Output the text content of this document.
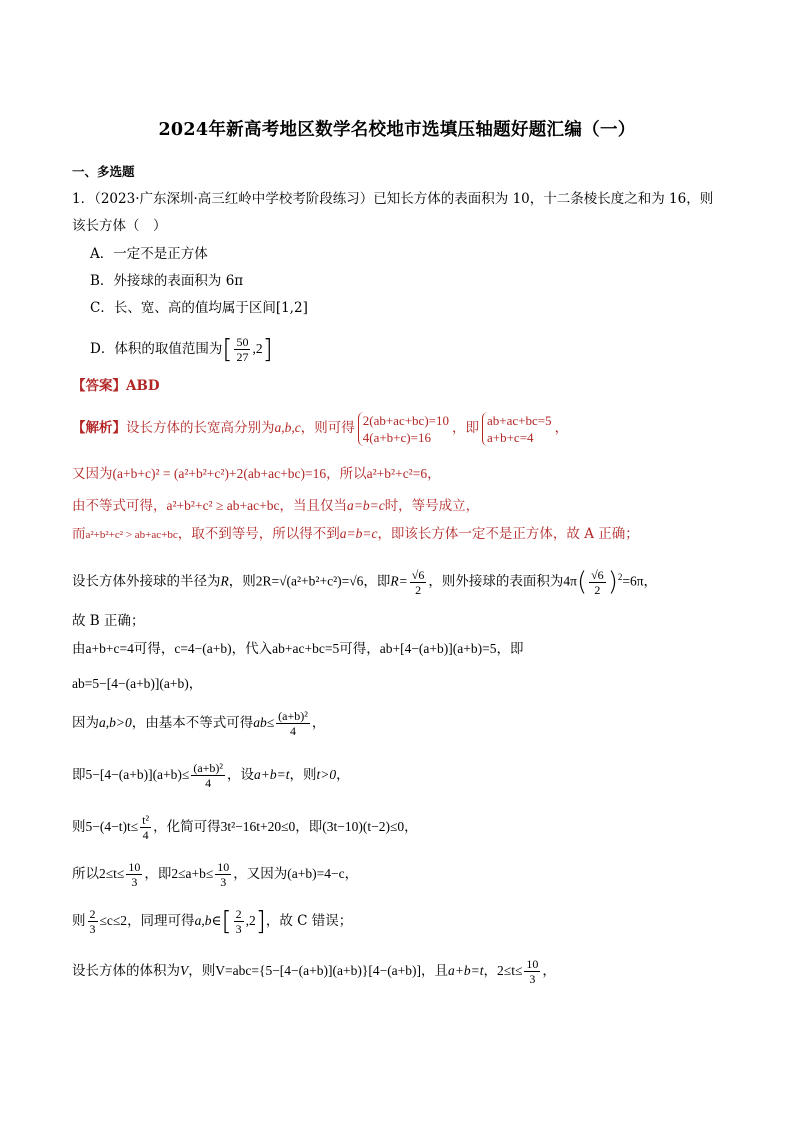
2024年新高考地区数学名校地市选填压轴题好题汇编（一）
一、多选题
1．（2023·广东深圳·高三红岭中学校考阶段练习）已知长方体的表面积为 10，十二条棱长度之和为 16，则
该长方体（　）
A．一定不是正方体
B．外接球的表面积为 6π
C．长、宽、高的值均属于区间[1,2]
D．体积的取值范围为[ $\frac{50}{27} ,2$]
【答案】ABD
【解析】设长方体的长宽高分别为a,b,c，则可得 2(ab+ac+bc)=10
4(a+b+c)=16
，即 ab+ac+bc=5
a+b+c=4
，
又因为(a+b+c)² = (a²+b²+c²)+2(ab+ac+bc)=16，所以a²+b²+c²=6，
由不等式可得，a²+b²+c² ≥ ab+ac+bc，当且仅当a=b=c时，等号成立，
而a²+b²+c² > ab+ac+bc，取不到等号，所以得不到a=b=c，即该长方体一定不是正方体，故 A 正确；
设长方体外接球的半径为R，则2R=√(a²+b²+c²)=√6，即$R= \frac{√6}{2}$ ，则外接球的表面积为$4\pi( \frac{√6}{2} )^2=6\pi$，
故 B 正确；
由a+b+c=4可得，c=4−(a+b)，代入ab+ac+bc=5可得，ab+[4−(a+b)](a+b)=5，即
ab=5−[4−(a+b)](a+b)，
因为a,b>0，由基本不等式可得$ab\le \frac{\text{(a+b)²}}{4}$ ，
即$5-[4-(a+b)](a+b)\le \frac{\text{(a+b)²}}{4}$ ，设a+b=t，则t>0，
则$5-(4-t)t\le \frac{\text{t²}}{4}$ ，化简可得3t²−16t+20≤0，即(3t−10)(t−2)≤0，
所以$2\le t\le \frac{10}{3}$ ，即$2\le a+b\le \frac{10}{3}$ ，又因为(a+b)=4−c，
则 $\frac{2}{3} \le c\le 2$，同理可得a,b∈[ $\frac{2}{3} ,2$]，故 C 错误；
设长方体的体积为V，则V=abc={5−[4−(a+b)](a+b)}[4−(a+b)]，且a+b=t，$2\le t\le \frac{10}{3}$ ，
